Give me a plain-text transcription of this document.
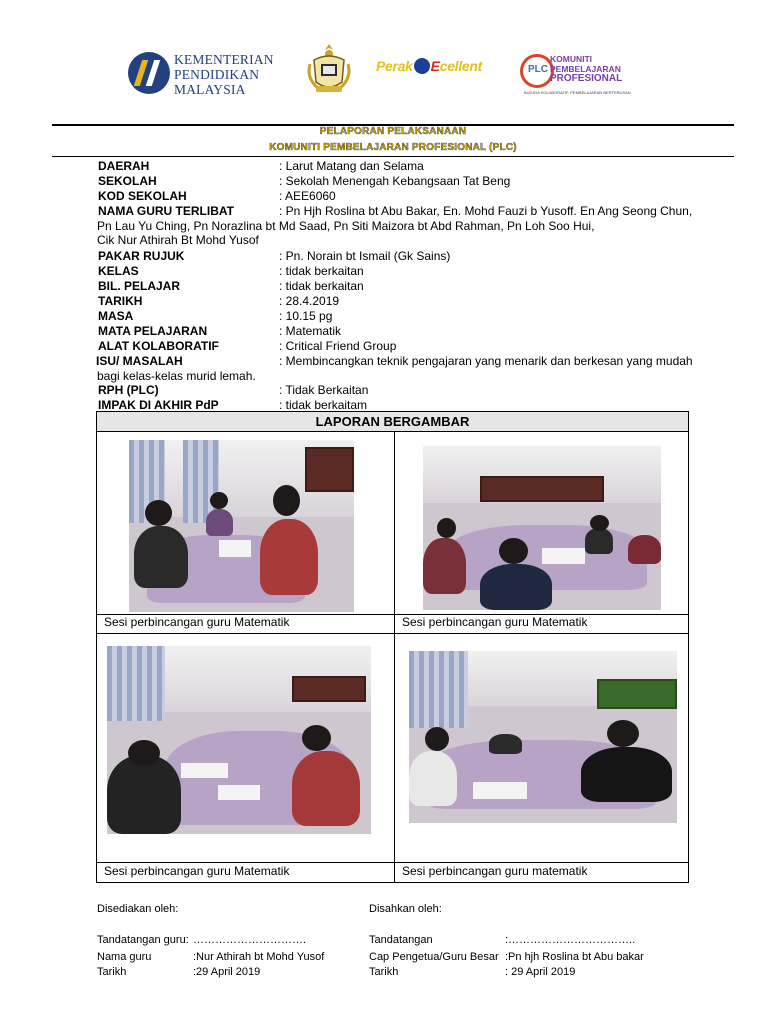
KEMENTERIAN
PENDIDIKAN
MALAYSIA
Perak Ecellent	PLC
KOMUNITI
PEMBELAJARAN
PROFESIONAL
BUDAYA KOLABORATIF, PEMBELAJARAN BERTERUSAN
PELAPORAN PELAKSANAAN
KOMUNITI PEMBELAJARAN PROFESIONAL (PLC)
DAERAH	: Larut Matang dan Selama
SEKOLAH	: Sekolah Menengah Kebangsaan Tat Beng
KOD SEKOLAH	: AEE6060
NAMA GURU TERLIBAT	: Pn Hjh Roslina bt Abu Bakar, En. Mohd Fauzi b Yusoff. En Ang Seong Chun,
Pn Lau Yu Ching, Pn Norazlina bt Md Saad, Pn Siti Maizora bt Abd Rahman, Pn Loh Soo Hui,
Cik Nur Athirah Bt Mohd Yusof
PAKAR RUJUK	: Pn. Norain bt Ismail (Gk Sains)
KELAS	: tidak berkaitan
BIL. PELAJAR	: tidak berkaitan
TARIKH	: 28.4.2019
MASA	: 10.15 pg
MATA PELAJARAN	: Matematik
ALAT KOLABORATIF	: Critical Friend Group
ISU/ MASALAH	: Membincangkan teknik pengajaran yang menarik dan berkesan yang mudah
bagi kelas-kelas murid lemah.
RPH (PLC)	: Tidak Berkaitan
IMPAK DI AKHIR PdP	: tidak berkaitam
LAPORAN BERGAMBAR
Sesi perbincangan guru Matematik	Sesi perbincangan guru Matematik
Sesi perbincangan guru Matematik	Sesi perbincangan guru matematik
Disediakan oleh:	Disahkan oleh:
Tandatangan guru: ………………………….
Nama guru	:Nur Athirah bt Mohd Yusof
Tarikh	:29 April 2019
Tandatangan	:……………………………..
Cap Pengetua/Guru Besar :Pn hjh Roslina bt Abu bakar
Tarikh	: 29 April 2019
